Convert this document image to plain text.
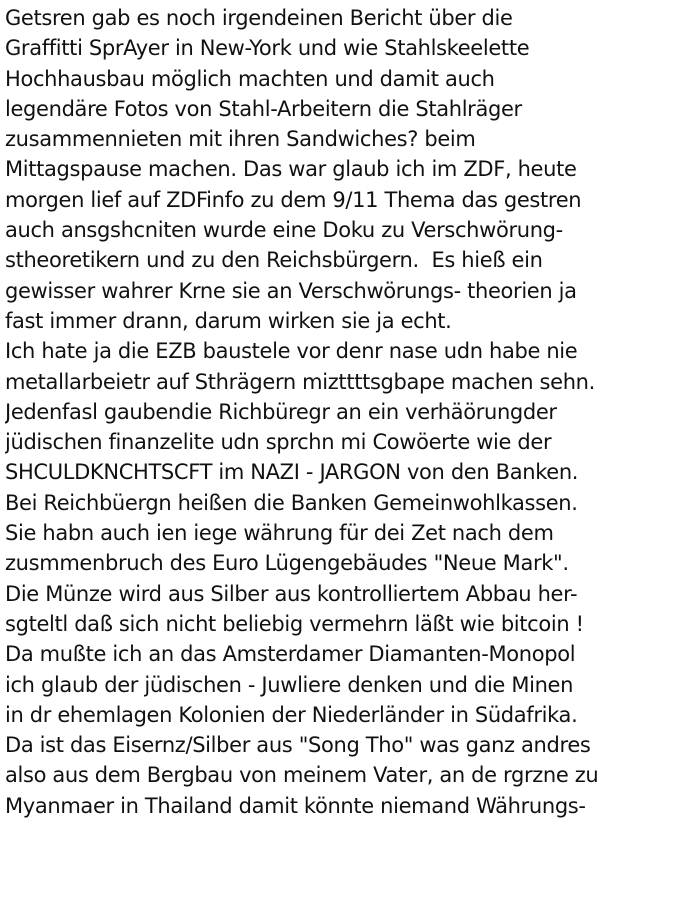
Getsren gab es noch irgendeinen Bericht über die
Graffitti SprAyer in New-York und wie Stahlskeelette
Hochhausbau möglich machten und damit auch
legendäre Fotos von Stahl-Arbeitern die Stahlräger
zusammennieten mit ihren Sandwiches? beim
Mittagspause machen. Das war glaub ich im ZDF, heute
morgen lief auf ZDFinfo zu dem 9/11 Thema das gestren
auch ansgshcniten wurde eine Doku zu Verschwörung-
stheoretikern und zu den Reichsbürgern.  Es hieß ein
gewisser wahrer Krne sie an Verschwörungs- theorien ja
fast immer drann, darum wirken sie ja echt.
Ich hate ja die EZB baustele vor denr nase udn habe nie
metallarbeietr auf Sthrägern mizttttsgbape machen sehn.
Jedenfasl gaubendie Richbüregr an ein verhäörungder
jüdischen finanzelite udn sprchn mi Cowöerte wie der
SHCULDKNCHTSCFT im NAZI - JARGON von den Banken.
Bei Reichbüergn heißen die Banken Gemeinwohlkassen.
Sie habn auch ien iege währung für dei Zet nach dem
zusmmenbruch des Euro Lügengebäudes "Neue Mark".
Die Münze wird aus Silber aus kontrolliertem Abbau her-
sgteltl daß sich nicht beliebig vermehrn läßt wie bitcoin !
Da mußte ich an das Amsterdamer Diamanten-Monopol
ich glaub der jüdischen - Juwliere denken und die Minen
in dr ehemlagen Kolonien der Niederländer in Südafrika.
Da ist das Eisernz/Silber aus "Song Tho" was ganz andres
also aus dem Bergbau von meinem Vater, an de rgrzne zu
Myanmaer in Thailand damit könnte niemand Währungs-
